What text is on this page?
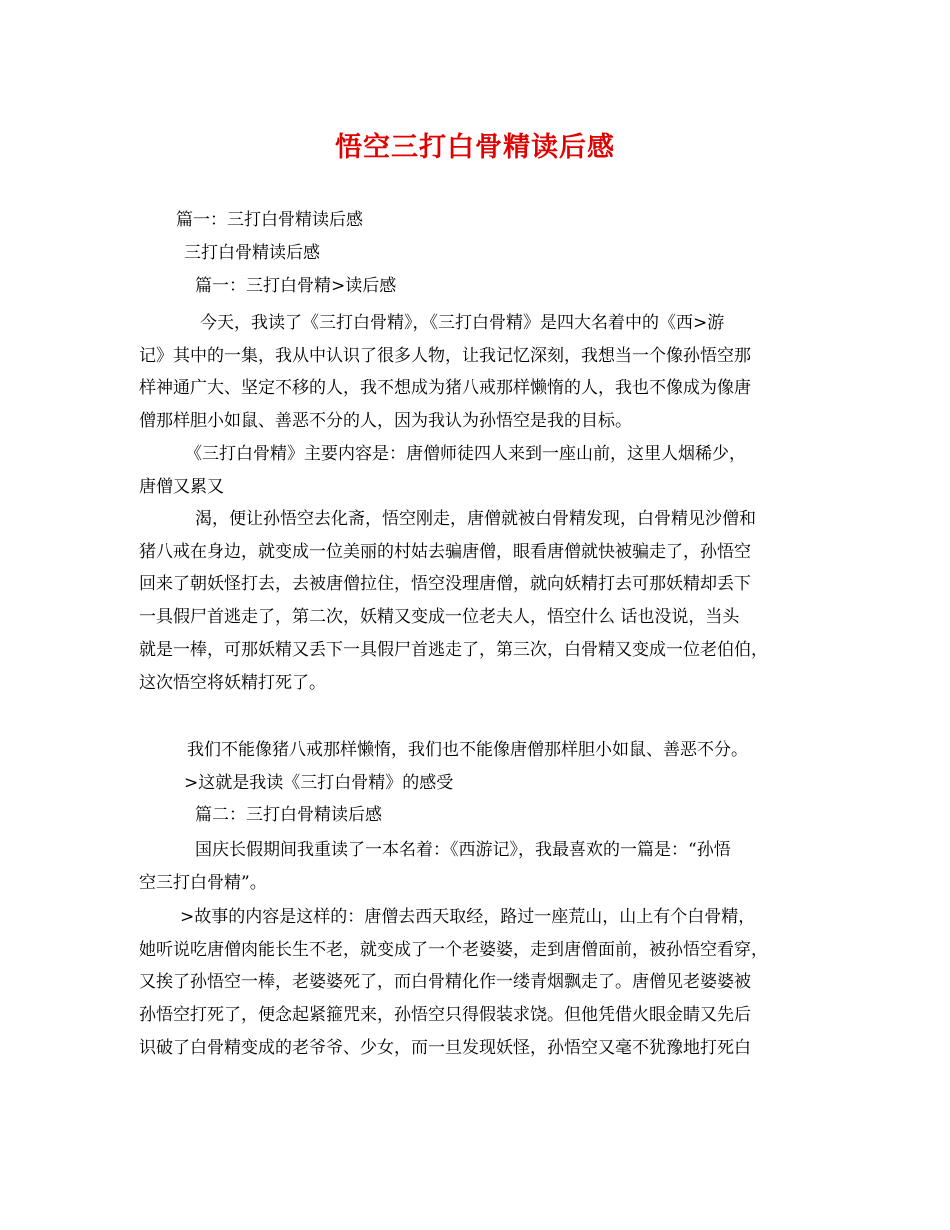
悟空三打白骨精读后感
篇一：三打白骨精读后感
三打白骨精读后感
篇一：三打白骨精>读后感
今天，我读了《三打白骨精》，《三打白骨精》是四大名着中的《西>游
记》其中的一集，我从中认识了很多人物，让我记忆深刻，我想当一个像孙悟空那
样神通广大、坚定不移的人，我不想成为猪八戒那样懒惰的人，我也不像成为像唐
僧那样胆小如鼠、善恶不分的人，因为我认为孙悟空是我的目标。
《三打白骨精》主要内容是：唐僧师徒四人来到一座山前，这里人烟稀少，
唐僧又累又
渴，便让孙悟空去化斋，悟空刚走，唐僧就被白骨精发现，白骨精见沙僧和
猪八戒在身边，就变成一位美丽的村姑去骗唐僧，眼看唐僧就快被骗走了，孙悟空
回来了朝妖怪打去，去被唐僧拉住，悟空没理唐僧，就向妖精打去可那妖精却丢下
一具假尸首逃走了，第二次，妖精又变成一位老夫人，悟空什么 话也没说，当头
就是一棒，可那妖精又丢下一具假尸首逃走了，第三次，白骨精又变成一位老伯伯，
这次悟空将妖精打死了。
我们不能像猪八戒那样懒惰，我们也不能像唐僧那样胆小如鼠、善恶不分。
>这就是我读《三打白骨精》的感受
篇二：三打白骨精读后感
国庆长假期间我重读了一本名着：《西游记》，我最喜欢的一篇是：“孙悟
空三打白骨精”。
>故事的内容是这样的：唐僧去西天取经，路过一座荒山，山上有个白骨精，
她听说吃唐僧肉能长生不老，就变成了一个老婆婆，走到唐僧面前，被孙悟空看穿，
又挨了孙悟空一棒，老婆婆死了，而白骨精化作一缕青烟飘走了。唐僧见老婆婆被
孙悟空打死了，便念起紧箍咒来，孙悟空只得假装求饶。但他凭借火眼金睛又先后
识破了白骨精变成的老爷爷、少女，而一旦发现妖怪，孙悟空又毫不犹豫地打死白
